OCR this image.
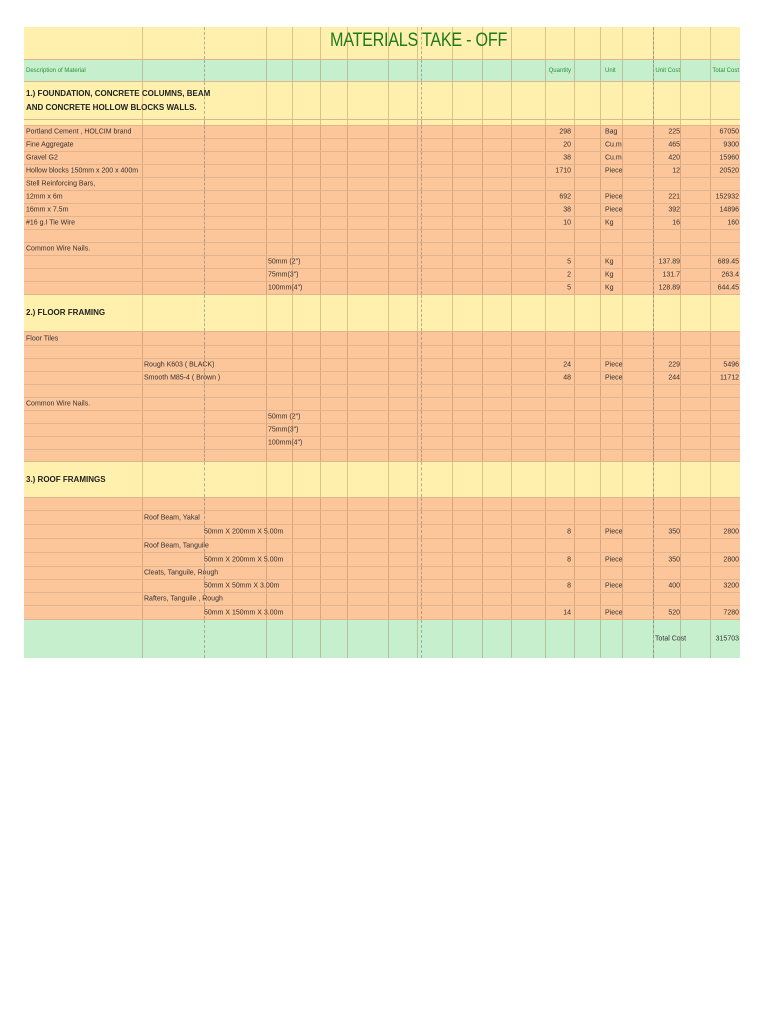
MATERIALS TAKE - OFF
Description of Material	Quantity	Unit	Unit Cost	Total Cost
1.) FOUNDATION, CONCRETE COLUMNS, BEAM
AND CONCRETE HOLLOW BLOCKS WALLS.
Portland Cement , HOLCIM brand	298	Bag	225	67050
Fine Aggregate	20	Cu.m	465	9300
Gravel G2	38	Cu.m	420	15960
Hollow blocks 150mm x 200 x 400m	1710	Piece	12	20520
Stell Reinforcing Bars,
12mm x 6m	692	Piece	221	152932
16mm x 7.5m	38	Piece	392	14896
#16 g.I Tie Wire	10	Kg	16	160
Common Wire Nails.
50mm (2")	5	Kg	137.89	689.45
75mm(3")	2	Kg	131.7	263.4
100mm(4")	5	Kg	128.89	644.45
2.) FLOOR FRAMING
Floor Tiles
Rough K603 ( BLACK)	24	Piece	229	5496
Smooth M85-4 ( Brown )	48	Piece	244	11712
Common Wire Nails.
50mm (2")
75mm(3")
100mm(4")
3.) ROOF FRAMINGS
Roof Beam, Yakal
50mm X 200mm X 5.00m	8	Piece	350	2800
Roof Beam, Tanguile
50mm X 200mm X 5.00m	8	Piece	350	2800
Cleats, Tanguile, Rough
50mm X 50mm X 3.00m	8	Piece	400	3200
Rafters, Tanguile , Rough
50mm X 150mm X 3.00m	14	Piece	520	7280
Total Cost	315703
